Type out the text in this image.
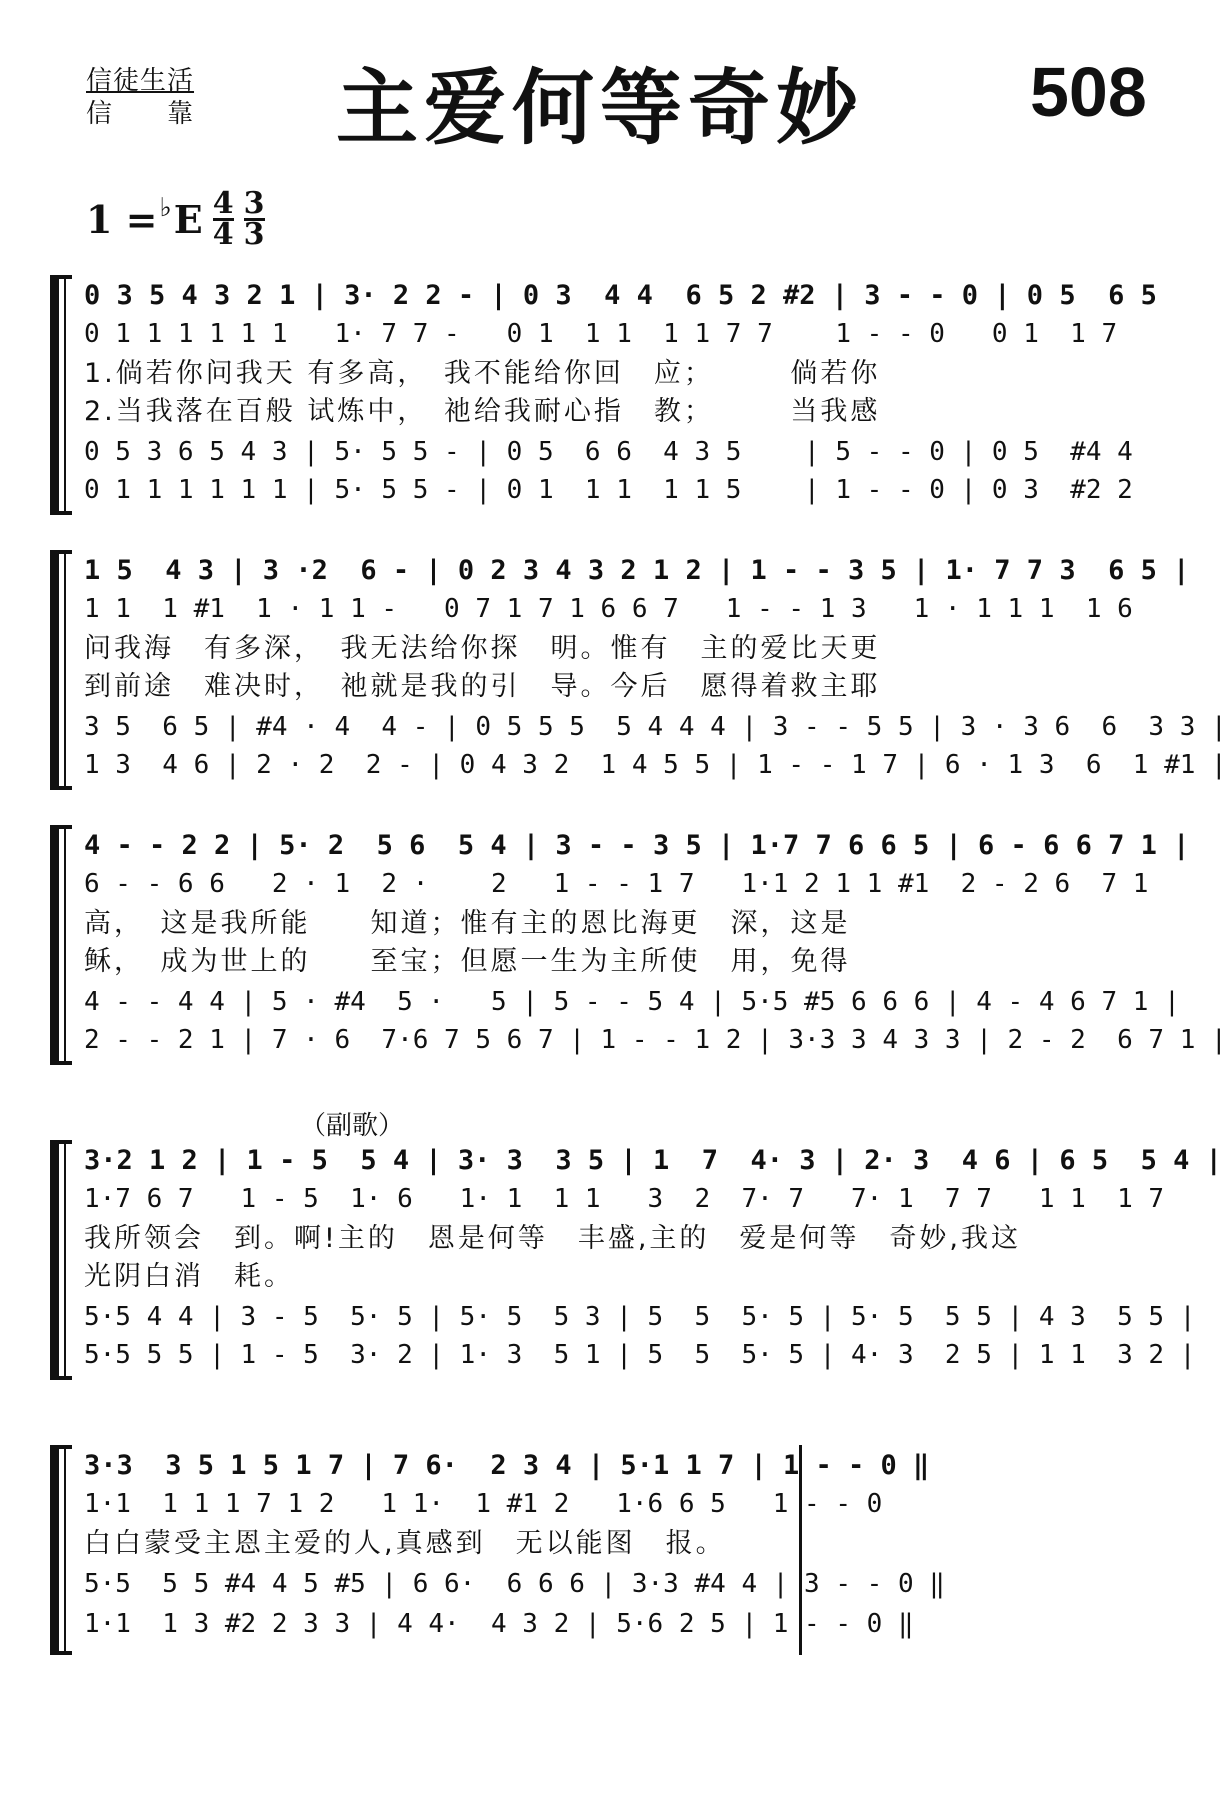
信徒生活
信　　靠	主爱何等奇妙	508
1 = ♭ E 4
4
3
3
0 3 5 4 3 2 1 | 3· 2 2 - | 0 3  4 4  6 5 2 #2 | 3 - - 0 | 0 5  6 5
0 1 1 1 1 1 1   1· 7 7 -   0 1  1 1  1 1 7 7    1 - - 0   0 1  1 7
1.倘若你问我天 有多高，　我不能给你回　应；　　　倘若你
2.当我落在百般 试炼中，　祂给我耐心指　教；　　　当我感
0 5 3 6 5 4 3 | 5· 5 5 - | 0 5  6 6  4 3 5    | 5 - - 0 | 0 5  #4 4
0 1 1 1 1 1 1 | 5· 5 5 - | 0 1  1 1  1 1 5    | 1 - - 0 | 0 3  #2 2
1 5  4 3 | 3 ·2  6 - | 0 2 3 4 3 2 1 2 | 1 - - 3 5 | 1· 7 7 3  6 5 |
1 1  1 #1  1 · 1 1 -   0 7 1 7 1 6 6 7   1 - - 1 3   1 · 1 1 1  1 6
问我海　有多深，　我无法给你探　明。惟有　主的爱比天更
到前途　难决时，　祂就是我的引　导。今后　愿得着救主耶
3 5  6 5 | #4 · 4  4 - | 0 5 5 5  5 4 4 4 | 3 - - 5 5 | 3 · 3 6  6  3 3 |
1 3  4 6 | 2 · 2  2 - | 0 4 3 2  1 4 5 5 | 1 - - 1 7 | 6 · 1 3  6  1 #1 |
4 - - 2 2 | 5· 2  5 6  5 4 | 3 - - 3 5 | 1·7 7 6 6 5 | 6 - 6 6 7 1 |
6 - - 6 6   2 · 1  2 ·    2   1 - - 1 7   1·1 2 1 1 #1  2 - 2 6  7 1
高，　这是我所能　　知道；惟有主的恩比海更　深，这是
稣，　成为世上的　　至宝；但愿一生为主所使　用，免得
4 - - 4 4 | 5 · #4  5 ·   5 | 5 - - 5 4 | 5·5 #5 6 6 6 | 4 - 4 6 7 1 |
2 - - 2 1 | 7 · 6  7·6 7 5 6 7 | 1 - - 1 2 | 3·3 3 4 3 3 | 2 - 2  6 7 1 |
（副歌）
3·2 1 2 | 1 - 5  5 4 | 3· 3  3 5 | 1  7  4· 3 | 2· 3  4 6 | 6 5  5 4 |
1·7 6 7   1 - 5  1· 6   1· 1  1 1   3  2  7· 7   7· 1  7 7   1 1  1 7
我所领会　到。啊!主的　恩是何等　丰盛,主的　爱是何等　奇妙,我这
光阴白消　耗。
5·5 4 4 | 3 - 5  5· 5 | 5· 5  5 3 | 5  5  5· 5 | 5· 5  5 5 | 4 3  5 5 |
5·5 5 5 | 1 - 5  3· 2 | 1· 3  5 1 | 5  5  5· 5 | 4· 3  2 5 | 1 1  3 2 |
3·3  3 5 1 5 1 7 | 7 6·  2 3 4 | 5·1 1 7 | 1 - - 0 ‖
1·1  1 1 1 7 1 2   1 1·  1 #1 2   1·6 6 5   1 - - 0
白白蒙受主恩主爱的人,真感到　无以能图　报。
5·5  5 5 #4 4 5 #5 | 6 6·  6 6 6 | 3·3 #4 4 | 3 - - 0 ‖
1·1  1 3 #2 2 3 3 | 4 4·  4 3 2 | 5·6 2 5 | 1 - - 0 ‖
